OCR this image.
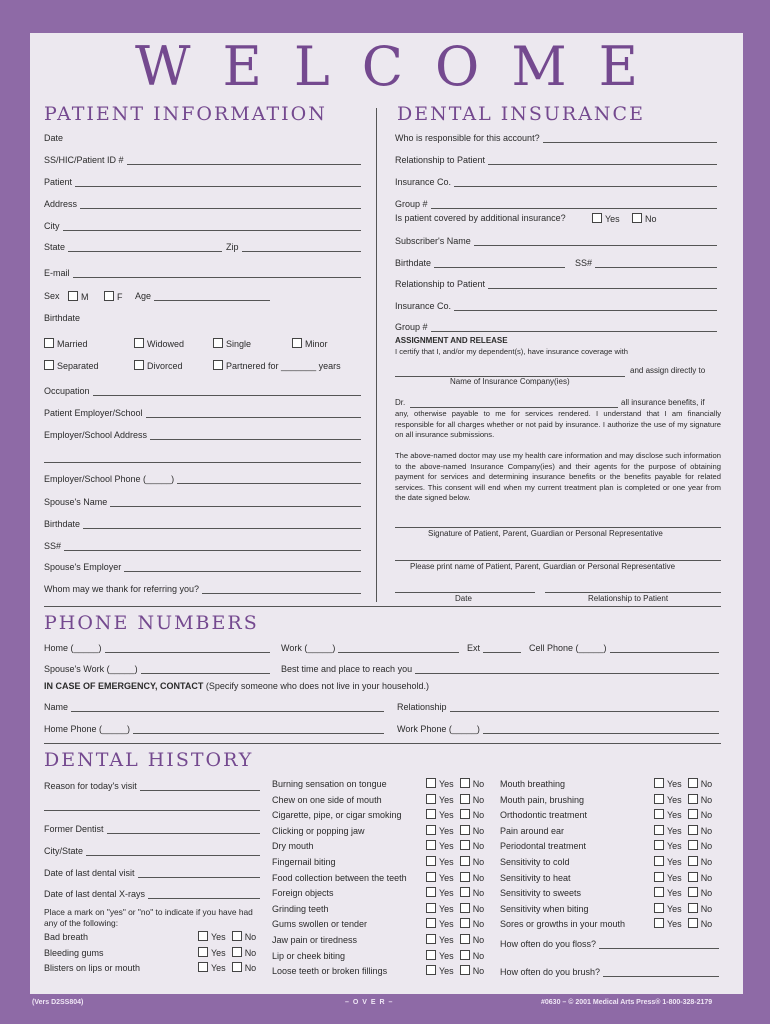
WELCOME
PATIENT INFORMATION
Date
SS/HIC/Patient ID #
Patient
Address
City
State	Zip
E-mail
Sex	M	F Age
Birthdate
Married	Widowed	Single	Minor
Separated	Divorced	Partnered for _______ years
Occupation
Patient Employer/School
Employer/School Address
Employer/School Phone (_____)
Spouse's Name
Birthdate
SS#
Spouse's Employer
Whom may we thank for referring you?
DENTAL INSURANCE
Who is responsible for this account?
Relationship to Patient
Insurance Co.
Group #
Is patient covered by additional insurance?	Yes	No
Subscriber's Name
Birthdate	SS#
Relationship to Patient
Insurance Co.
Group #
ASSIGNMENT AND RELEASE
I certify that I, and/or my dependent(s), have insurance coverage with
and assign directly to
Name of Insurance Company(ies)
Dr.	all insurance benefits, if
any, otherwise payable to me for services rendered. I understand that I am financially responsible for all charges whether or not paid by insurance. I authorize the use of my signature on all insurance submissions.
The above-named doctor may use my health care information and may disclose such information to the above-named Insurance Company(ies) and their agents for the purpose of obtaining payment for services and determining insurance benefits or the benefits payable for related services. This consent will end when my current treatment plan is completed or one year from the date signed below.
Signature of Patient, Parent, Guardian or Personal Representative
Please print name of Patient, Parent, Guardian or Personal Representative
Date	Relationship to Patient
PHONE NUMBERS
Home (_____)	Work (_____)	Ext	Cell Phone (_____)
Spouse's Work (_____)	Best time and place to reach you
IN CASE OF EMERGENCY, CONTACT (Specify someone who does not live in your household.)
Name	Relationship
Home Phone (_____)	Work Phone (_____)
DENTAL HISTORY
Reason for today's visit
Former Dentist
City/State
Date of last dental visit
Date of last dental X-rays
Place a mark on "yes" or "no" to indicate if you have had any of the following:
Bad breath	Yes No
Bleeding gums	Yes No
Blisters on lips or mouth	Yes No
Burning sensation on tongue	Yes No
Chew on one side of mouth	Yes No
Cigarette, pipe, or cigar smoking	Yes No
Clicking or popping jaw	Yes No
Dry mouth	Yes No
Fingernail biting	Yes No
Food collection between the teeth	Yes No
Foreign objects	Yes No
Grinding teeth	Yes No
Gums swollen or tender	Yes No
Jaw pain or tiredness	Yes No
Lip or cheek biting	Yes No
Loose teeth or broken fillings	Yes No
Mouth breathing	Yes No
Mouth pain, brushing	Yes No
Orthodontic treatment	Yes No
Pain around ear	Yes No
Periodontal treatment	Yes No
Sensitivity to cold	Yes No
Sensitivity to heat	Yes No
Sensitivity to sweets	Yes No
Sensitivity when biting	Yes No
Sores or growths in your mouth	Yes No
How often do you floss?
How often do you brush?
(Vers D2SS804)	– O V E R –	#0630 – © 2001 Medical Arts Press® 1-800-328-2179
